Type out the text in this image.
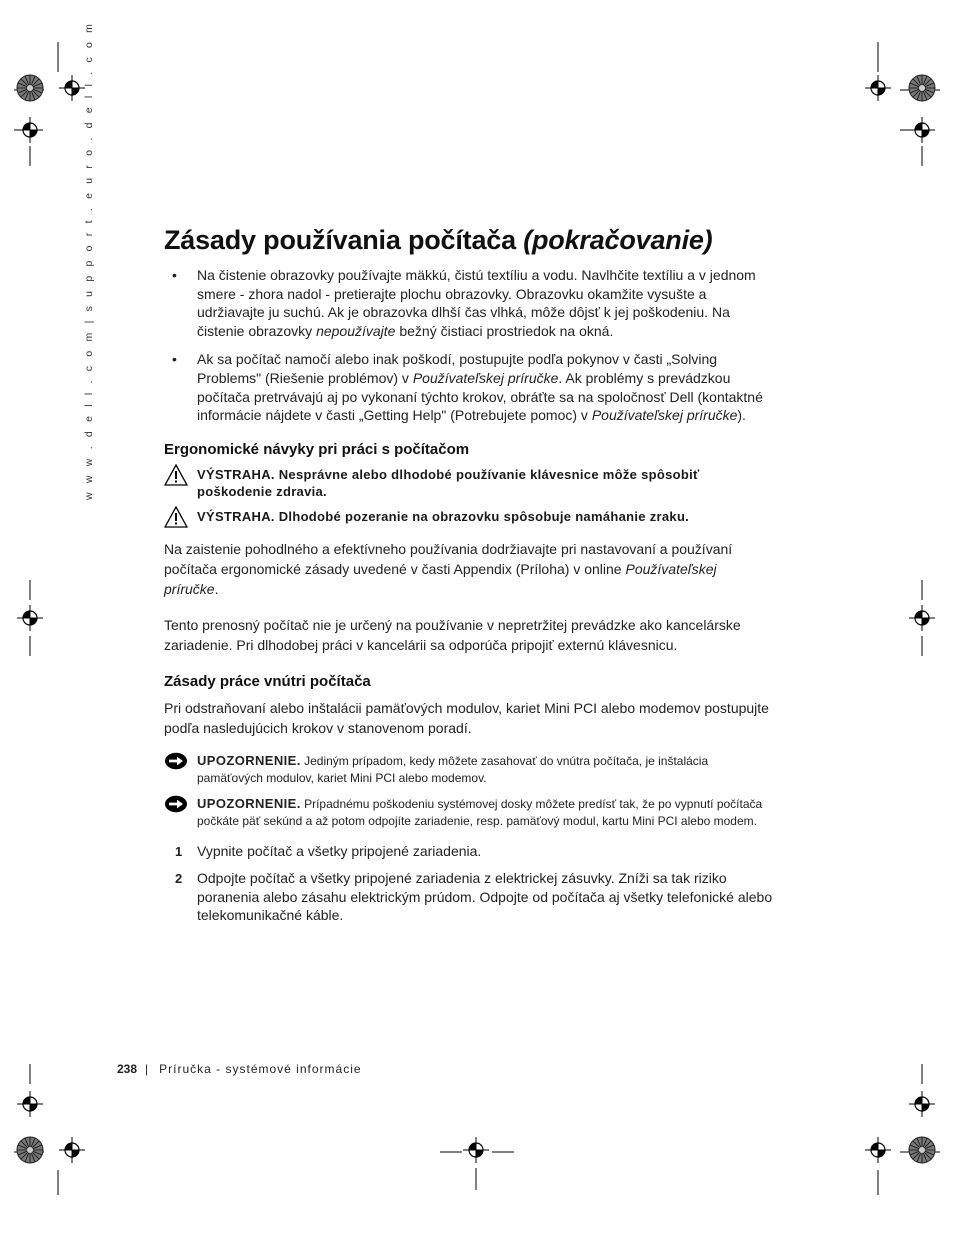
w w w . d e l l . c o m | s u p p o r t . e u r o . d e l l . c o m	Zásady používania počítača (pokračovanie)
• Na čistenie obrazovky používajte mäkkú, čistú textíliu a vodu. Navlhčite textíliu a v jednom smere - zhora nadol - pretierajte plochu obrazovky. Obrazovku okamžite vysušte a udržiavajte ju suchú. Ak je obrazovka dlhší čas vlhká, môže dôjsť k jej poškodeniu. Na čistenie obrazovky nepoužívajte bežný čistiaci prostriedok na okná.
• Ak sa počítač namočí alebo inak poškodí, postupujte podľa pokynov v časti „Solving Problems" (Riešenie problémov) v Používateľskej príručke. Ak problémy s prevádzkou počítača pretrvávajú aj po vykonaní týchto krokov, obráťte sa na spoločnosť Dell (kontaktné informácie nájdete v časti „Getting Help" (Potrebujete pomoc) v Používateľskej príručke).
Ergonomické návyky pri práci s počítačom
VÝSTRAHA. Nesprávne alebo dlhodobé používanie klávesnice môže spôsobiť poškodenie zdravia.
VÝSTRAHA. Dlhodobé pozeranie na obrazovku spôsobuje namáhanie zraku.

Na zaistenie pohodlného a efektívneho používania dodržiavajte pri nastavovaní a používaní počítača ergonomické zásady uvedené v časti Appendix (Príloha) v online Používateľskej príručke.

Tento prenosný počítač nie je určený na používanie v nepretržitej prevádzke ako kancelárske zariadenie. Pri dlhodobej práci v kancelárii sa odporúča pripojiť externú klávesnicu.

Zásady práce vnútri počítača

Pri odstraňovaní alebo inštalácii pamäťových modulov, kariet Mini PCI alebo modemov postupujte podľa nasledujúcich krokov v stanovenom poradí.

UPOZORNENIE. Jediným prípadom, kedy môžete zasahovať do vnútra počítača, je inštalácia pamäťových modulov, kariet Mini PCI alebo modemov.
UPOZORNENIE. Prípadnému poškodeniu systémovej dosky môžete predísť tak, že po vypnutí počítača počkáte päť sekúnd a až potom odpojíte zariadenie, resp. pamäťový modul, kartu Mini PCI alebo modem.
1 Vypnite počítač a všetky pripojené zariadenia.
2 Odpojte počítač a všetky pripojené zariadenia z elektrickej zásuvky. Zníži sa tak riziko poranenia alebo zásahu elektrickým prúdom. Odpojte od počítača aj všetky telefonické alebo telekomunikačné káble.
238 | Príručka - systémové informácie
